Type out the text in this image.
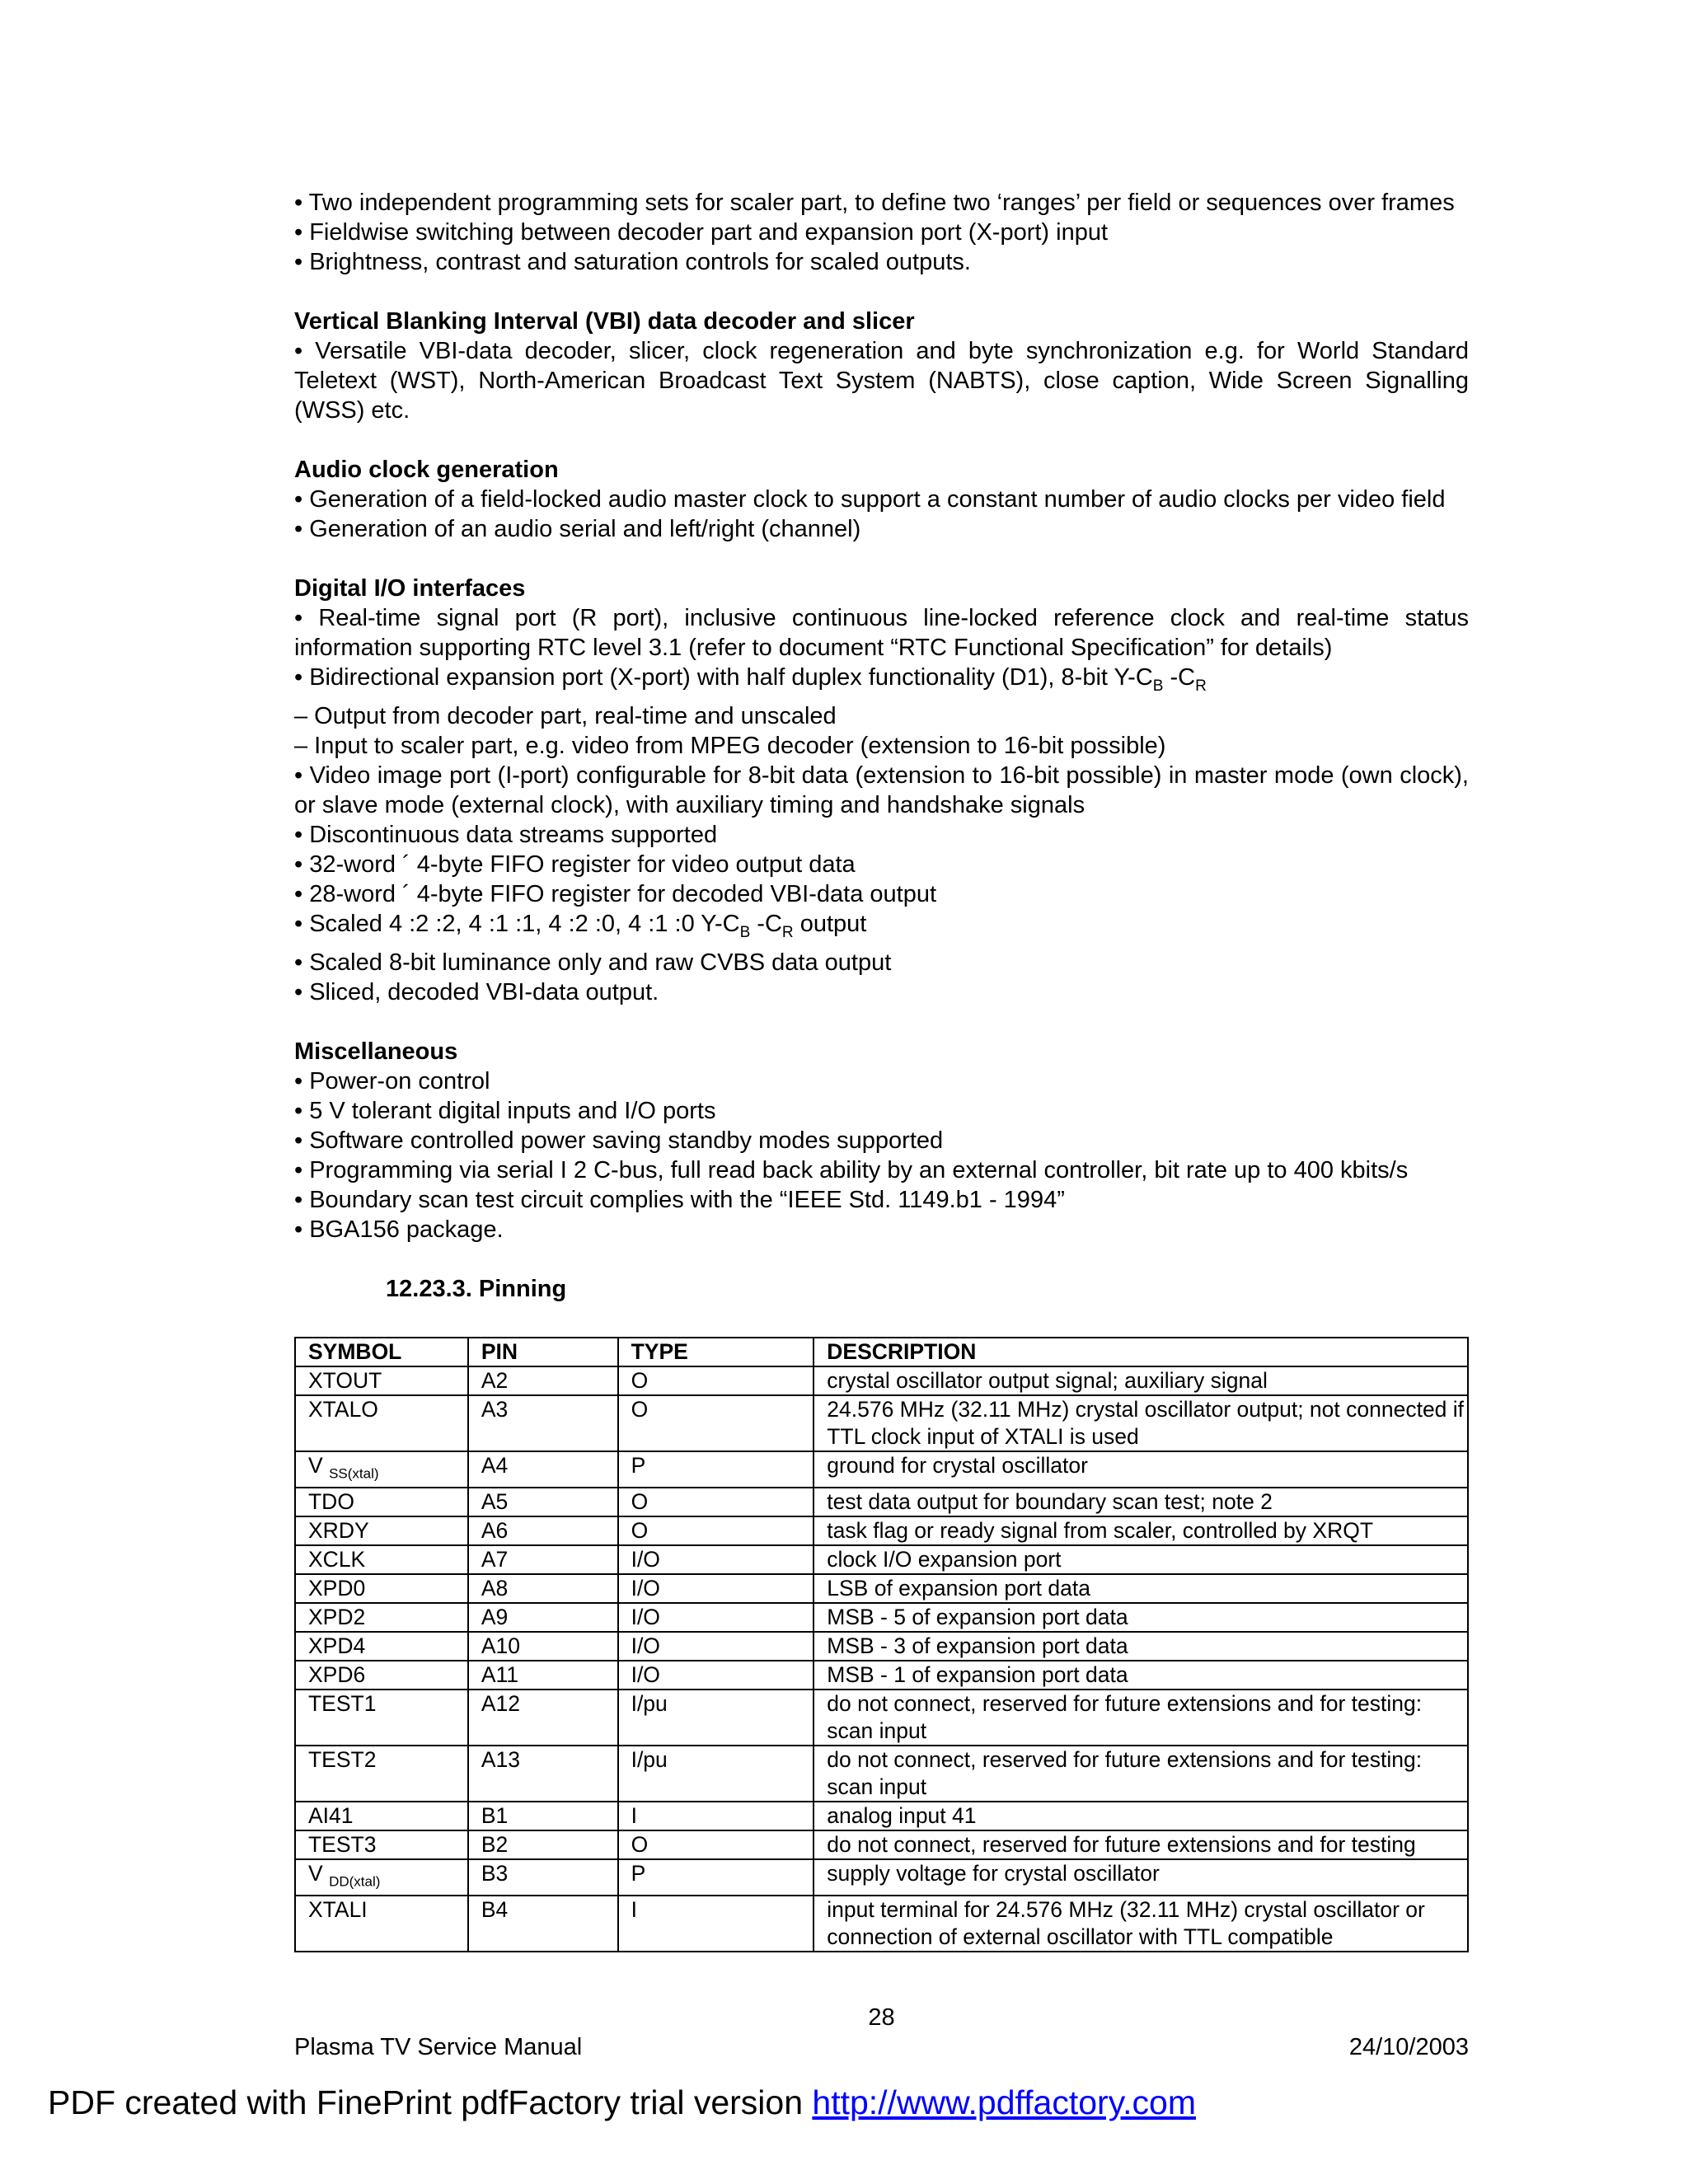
• Two independent programming sets for scaler part, to define two ‘ranges’ per field or sequences over frames

• Fieldwise switching between decoder part and expansion port (X-port) input

• Brightness, contrast and saturation controls for scaled outputs.

Vertical Blanking Interval (VBI) data decoder and slicer

• Versatile VBI-data decoder, slicer, clock regeneration and byte synchronization e.g. for World Standard Teletext (WST), North-American Broadcast Text System (NABTS), close caption, Wide Screen Signalling (WSS) etc.

Audio clock generation

• Generation of a field-locked audio master clock to support a constant number of audio clocks per video field

• Generation of an audio serial and left/right (channel)

Digital I/O interfaces

• Real-time signal port (R port), inclusive continuous line-locked reference clock and real-time status information supporting RTC level 3.1 (refer to document “RTC Functional Specification” for details)

• Bidirectional expansion port (X-port) with half duplex functionality (D1), 8-bit $Y-C_B$ $-C_R$

– Output from decoder part, real-time and unscaled

– Input to scaler part, e.g. video from MPEG decoder (extension to 16-bit possible)

• Video image port (I-port) configurable for 8-bit data (extension to 16-bit possible) in master mode (own clock), or slave mode (external clock), with auxiliary timing and handshake signals

• Discontinuous data streams supported

• 32-word ´ 4-byte FIFO register for video output data

• 28-word ´ 4-byte FIFO register for decoded VBI-data output

• Scaled 4 :2 :2, 4 :1 :1, 4 :2 :0, 4 :1 :0 $Y-C_B$ $-C_R$ output

• Scaled 8-bit luminance only and raw CVBS data output

• Sliced, decoded VBI-data output.

Miscellaneous

• Power-on control

• 5 V tolerant digital inputs and I/O ports

• Software controlled power saving standby modes supported

• Programming via serial I 2 C-bus, full read back ability by an external controller, bit rate up to 400 kbits/s

• Boundary scan test circuit complies with the “IEEE Std. 1149.b1 - 1994”

• BGA156 package.

12.23.3. Pinning

SYMBOL	PIN	TYPE	DESCRIPTION
XTOUT	A2	O	crystal oscillator output signal; auxiliary signal
XTALO	A3	O	24.576 MHz (32.11 MHz) crystal oscillator output; not connected if TTL clock input of XTALI is used
V $_{SS(xtal)}$	A4	P	ground for crystal oscillator
TDO	A5	O	test data output for boundary scan test; note 2
XRDY	A6	O	task flag or ready signal from scaler, controlled by XRQT
XCLK	A7	I/O	clock I/O expansion port
XPD0	A8	I/O	LSB of expansion port data
XPD2	A9	I/O	MSB - 5 of expansion port data
XPD4	A10	I/O	MSB - 3 of expansion port data
XPD6	A11	I/O	MSB - 1 of expansion port data
TEST1	A12	I/pu	do not connect, reserved for future extensions and for testing: scan input
TEST2	A13	I/pu	do not connect, reserved for future extensions and for testing: scan input
AI41	B1	I	analog input 41
TEST3	B2	O	do not connect, reserved for future extensions and for testing
V $_{DD(xtal)}$	B3	P	supply voltage for crystal oscillator
XTALI	B4	I	input terminal for 24.576 MHz (32.11 MHz) crystal oscillator or connection of external oscillator with TTL compatible
28
Plasma TV Service Manual	24/10/2003
PDF created with FinePrint pdfFactory trial version http://www.pdffactory.com
